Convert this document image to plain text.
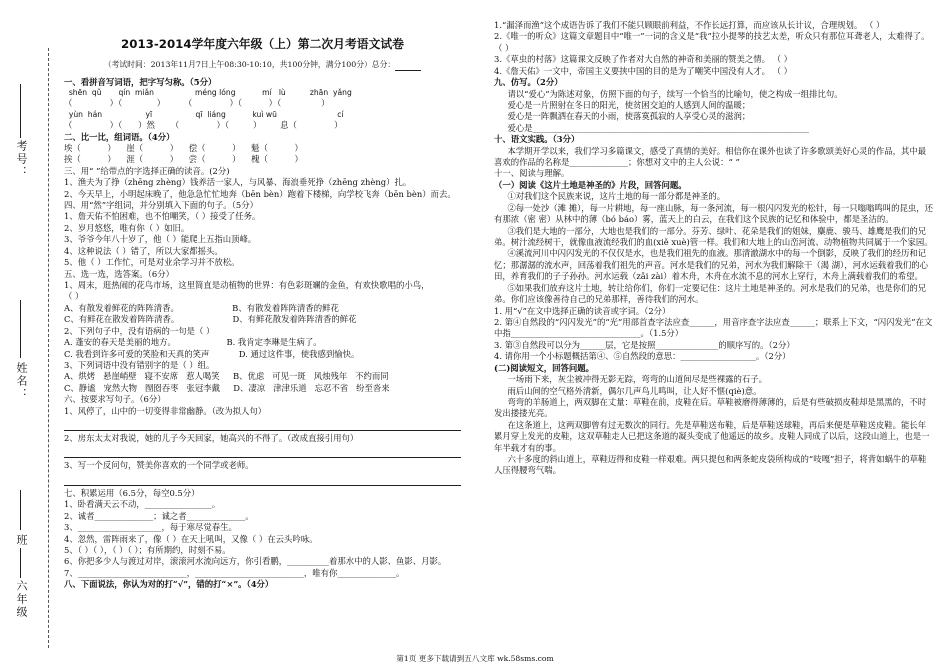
考号：
姓名：
班
六年级

2013-2014学年度六年级（上）第二次月考语文试卷

（考试时间：2013年11月7日上午08:30-10:10，共100分钟，满分100分）总分：

一、看拼音写词语，把字写匀称。（5分）

shēn  qǔ       qín  miǎn                 méng lóng           mí   lù          zhān  yǎng

（              ）（             ）       （              ）（          ）（               ）

yùn  hán                  yī                  qī  liáng           kuì wū                         cí

（              ）（      ）然      （              ）（         ）       息（              ）

二、比一比，组词语。（4分）

埃（          ）    崖（          ）    偿（          ）    魁（          ）

挨（          ）    涯（          ）    尝（          ）    槐（          ）

三、用“ ”给带点的字选择正确的读音。(2分)

1、渔夫为了挣（zhēng zhèng）钱养活一家人，与风暴、海浪垂死挣（zhēng zhèng）扎。

2、今天早上，小明起床晚了，他急急忙忙地奔（bēn bèn）跑着下楼梯，向学校飞奔（bēn bèn）而去。

四、用“然”字组词，并分别填入下面的句子。（5分）

1、詹天佑不怕困难，也不怕嘲笑，（ ）接受了任务。

2、岁月悠悠，唯有你（ ）如旧。

3、爷爷今年八十岁了，他（ ）能爬上五指山顶峰。

4、这种说法（ ）错了，所以大家都摇头。

5、他（ ）工作忙，可是对业余学习并不放松。

五、选一选，选答案。（6分）

1、周末，逛热闹的花鸟市场，这里简直是动植物的世界：有色彩斑斓的金鱼，有欢快歌唱的小鸟，

（ ）

A、有散发着鲜花的阵阵清香。                    B、有散发着阵阵清香的鲜花

C、有鲜花在散发着阵阵清香。                    D、有鲜花散发着阵阵清香的鲜花

2、下列句子中，没有语病的一句是（ ）

A. 蓬安的春天是美丽的地方。                   B. 我肯定李琳是生病了。

C. 我看到许多可爱的笑脸和天真的笑声           D. 通过这件事，使我感到愉快。

3、下列词语中没有错别字的是（ ）组。

A、烘烤   悬崖峭壁   寝不安席   惹人喝笑     B、优虑   可见一斑   风烛残年   不约而同

C、静谧   宠然大物   囫囵吞枣   张冠李戴     D、凄凉   津津乐道   忘忍不省   纷至沓来

六、按要求写句子。（6分）

1、风停了，山中的一切变得非常幽静。（改为拟人句）

2、房东太太对我说，她的儿子今天回家，她高兴的不得了。（改成直接引用句）

3、写一个反问句，赞美你喜欢的一个同学或老师。

七、积累运用（6.5分，每空0.5分）

1、卧看满天云不动，________________。

2、诚者______________；诚之者______________。

3、____________________，每于寒尽觉春生。

4、忽然，雷阵雨来了，像（ ）在天上吼叫，又像（ ）在云头吟咏。

5、（ ）（ ），（ ）（ ）；有所期约，时刻不易。

6、你把多少人与渡过对岸，滚滚河水流向远方，你引看鹏，__________着那水中的人影、鱼影、月影。

7、__________________________，__________________________，唯有你______________。

八、下面说法，你认为对的打“√”，错的打“×”。（4分）

1.“漏泽而渔”这个成语告诉了我们不能只顾眼前利益，不作长远打算，而应该从长计议，合理规划。 （ ）

2.《唯一的听众》这篇文章题目中“唯一”一词的含义是“我”拉小提琴的技艺太差，听众只有那位耳聋老人，太难得了。 （ ）

3.《草虫的村落》这篇课文反映了作者对大自然的神奇和美丽的赞美之情。 （ ）

4.《詹天佑》一文中，帝国主义要挟中国的目的是为了嘲笑中国没有人才。 （ ）

九、仿写。（2分）

请以“爱心”为陈述对象，仿照下面的句子，续写一个恰当的比喻句，使之构成一组排比句。

爱心是一片照射在冬日的阳光，使贫困交迫的人感到人间的温暖；

爱心是一阵飘洒在春天的小雨，使落寞孤寂的人享受心灵的滋润；

爱心是__________________________________________________________________

十、语文实践。（3分）

本学期开学以来，我们学习多篇课文，感受了真情的美好。相信你在课外也读了许多歌颂美好心灵的作品，其中最喜欢的作品的名称是______________；你想对文中的主人公说：“ ”

十一、阅读与理解。

（一）阅读《这片土地是神圣的》片段，回答问题。

①对我们这个民族来说，这片土地的每一部分都是神圣的。

②每一处沙（滩 摊），每一片耕地，每一座山脉，每一条河流，每一根闪闪发光的松针，每一只嗡嗡鸣叫的昆虫，还有那浓（密 密）从林中的薄（bó báo）雾，蓝天上的白云，在我们这个民族的记忆和体验中，都是圣洁的。

③我们是大地的一部分，大地也是我们的一部分。芬芳、绿叶、花朵是我们的姐妹，麋鹿、骏马、雄鹰是我们的兄弟。树汁流经树干，就像血液流经我们的血(xiě xuè)管一样。我们和大地上的山峦河流、动物植物共同属于一个家园。

④溪流河川中闪闪发光的不仅仅是水，也是我们祖先的血液。那清澈湖水中的每一个倒影，反映了我们的经历和记忆；那潺潺的流水声，回荡着我们祖先的声音。河水是我们的兄弟，河水为我们解除干（渴 湖），河水运载着我们的心田，养育我们的子子孙孙。河水运载（zǎi zài）着木舟，木舟在水流不息的河水上穿行，木舟上满载着我们的希望。

⑤如果我们放弃这片土地，转让给你们，你们一定要记住：这片土地是神圣的。河水是我们的兄弟，也是你们的兄弟。你们应该像善待自己的兄弟那样，善待我们的河水。

1. 用“√”在文中选择正确的读音或字词。（2分）

2. 第④自然段的“闪闪发光”的“光”用部首查字法应查______，用音序查字法应查______；联系上下文，“闪闪发光”在文中指_______________________________。（1.5分）

3. 第③自然段可以分为______层，它是按照_______________的顺序写的。（2分）

4. 请你用一个小标题概括第④、⑤自然段的意思：__________________。（2分）

(二)阅读短文，回答问题。

一场雨下来，灰尘被冲得无影无踪，弯弯的山道间尽是些裸露的石子。

雨后山间的空气格外清新，偶尔几声鸟儿鸣叫，让人好不惬(qiè)意。

弯弯的羊肠道上，两双脚在丈量：草鞋在前，皮鞋在后。草鞋被磨得薄薄的，后是有些破损皮鞋却是黑黑的，不时发出搂搂光亮。

在这条道上，这两双脚曾有过无数次的同行。先是草鞋送布鞋，后是草鞋送球鞋，再后来便是草鞋送皮鞋。能长年累月穿上发光的皮鞋，这双草鞋走人已把这条道的凝头变成了他遥远的故乡。皮鞋人同成了以后，这段山道上，也是一年半载才有的事。

六十多度的斜山道上，草鞋迈得和皮鞋一样艰难。两只提包和两条蛇皮袋所构成的“吱嘎”担子，将背如蜗牛的草鞋人压得腰弯气喘。

第1页 更多下载请到五八文库 wk.58sms.com
